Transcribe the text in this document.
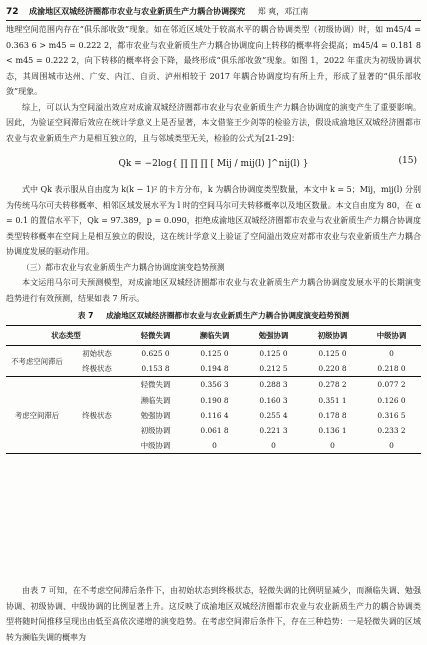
72 成渝地区双城经济圈都市农业与农业新质生产力耦合协调探究 郑 爽，邓江南

地理空间范围内存在“俱乐部收敛”现象。如在邻近区域处于较高水平的耦合协调类型（初级协调）时，如 m45/4 = 0.363 6 > m45 = 0.222 2，都市农业与农业新质生产力耦合协调度向上转移的概率将会提高；m45/4 = 0.181 8 < m45 = 0.222 2，向下转移的概率将会下降，最终形成“俱乐部收敛”现象。如图 1，2022 年重庆为初级协调状态，其周围城市达州、广安、内江、自贡、泸州相较于 2017 年耦合协调度均有所上升，形成了显著的“俱乐部收敛”现象。

综上，可以认为空间溢出效应对成渝双城经济圈都市农业与农业新质生产力耦合协调度的演变产生了重要影响。因此，为验证空间滞后效应在统计学意义上是否显著，本文借鉴王少剑等的检验方法，假设成渝地区双城经济圈都市农业与农业新质生产力是相互独立的，且与邻域类型无关，检验的公式为[21-29]：

Qk = −2log{ ∏ ∏ ∏ [ Mij / mij(l) ]^nij(l) }	(15)

式中 Qk 表示服从自由度为 k(k − 1)² 的卡方分布，k 为耦合协调度类型数量，本文中 k = 5；Mij，mij(l) 分别为传统马尔可夫转移概率、相邻区域发展水平为 l 时的空间马尔可夫转移概率以及地区数量。本文自由度为 80，在 α = 0.1 的置信水平下，Qk = 97.389，p = 0.090，拒绝成渝地区双城经济圈都市农业与农业新质生产力耦合协调度类型转移概率在空间上是相互独立的假设，这在统计学意义上验证了空间溢出效应对都市农业与农业新质生产力耦合协调度发展的驱动作用。

（三）都市农业与农业新质生产力耦合协调度演变趋势预测

本文运用马尔可夫预测模型，对成渝地区双城经济圈都市农业与农业新质生产力耦合协调度发展水平的长期演变趋势进行有效预测，结果如表 7 所示。

表 7 成渝地区双城经济圈都市农业与农业新质生产力耦合协调度演变趋势预测
状态类型		轻微失调	濒临失调	勉强协调	初级协调	中级协调
不考虑空间滞后	初始状态	0.625 0	0.125 0	0.125 0	0.125 0	0
	终极状态	0.153 8	0.194 8	0.212 5	0.220 8	0.218 0
考虑空间滞后	终极状态	轻微失调	0.356 3	0.288 3	0.278 2	0.077 2
		濒临失调	0.190 8	0.160 3	0.351 1	0.126 0
		勉强协调	0.116 4	0.255 4	0.178 8	0.316 5
		初级协调	0.061 8	0.221 3	0.136 1	0.233 2
		中级协调	0	0	0	0

由表 7 可知，在不考虑空间滞后条件下，由初始状态到终极状态，轻微失调的比例明显减少，而濒临失调、勉强协调、初级协调、中级协调的比例显著上升。这反映了成渝地区双城经济圈都市农业与农业新质生产力的耦合协调类型将随时间推移呈现出由低至高依次递增的演变趋势。在考虑空间滞后条件下，存在三种趋势：一是轻微失调的区域转为濒临失调的概率为
